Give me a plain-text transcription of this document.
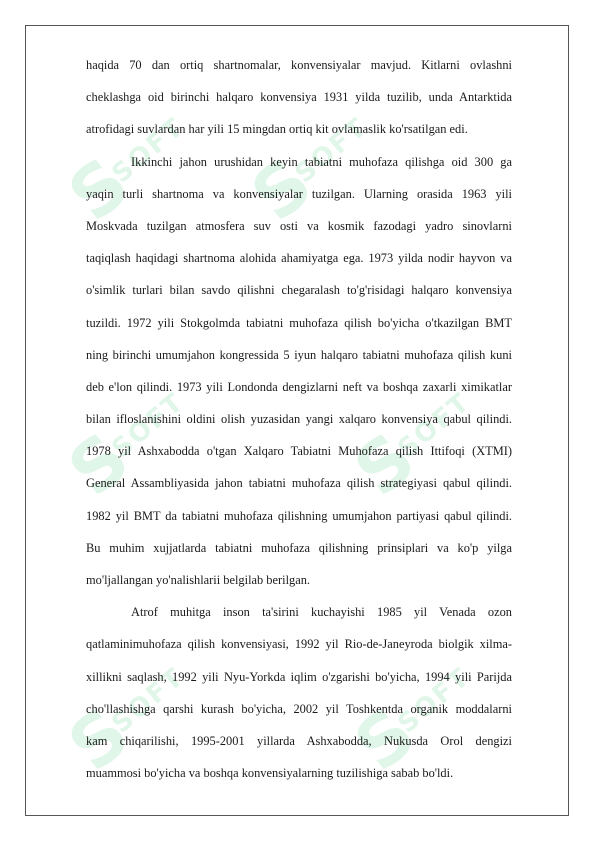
S
SOFT S
SOFT
S
SOFT S
SOFT
S
SOFT S
SOFT
haqida 70 dan ortiq shartnomalar, konvensiyalar mavjud. Kitlarni ovlashni
cheklashga oid birinchi halqaro konvensiya 1931 yilda tuzilib, unda Antarktida
atrofidagi suvlardan har yili 15 mingdan ortiq kit ovlamaslik ko'rsatilgan edi.
Ikkinchi jahon urushidan keyin tabiatni muhofaza qilishga oid 300 ga
yaqin turli shartnoma va konvensiyalar tuzilgan. Ularning orasida 1963 yili
Moskvada tuzilgan atmosfera suv osti va kosmik fazodagi yadro sinovlarni
taqiqlash haqidagi shartnoma alohida ahamiyatga ega. 1973 yilda nodir hayvon va
o'simlik turlari bilan savdo qilishni chegaralash to'g'risidagi halqaro konvensiya
tuzildi. 1972 yili Stokgolmda tabiatni muhofaza qilish bo'yicha o'tkazilgan BMT
ning birinchi umumjahon kongressida 5 iyun halqaro tabiatni muhofaza qilish kuni
deb e'lon qilindi. 1973 yili Londonda dengizlarni neft va boshqa zaxarli ximikatlar
bilan ifloslanishini oldini olish yuzasidan yangi xalqaro konvensiya qabul qilindi.
1978 yil Ashxabodda o'tgan Xalqaro Tabiatni Muhofaza qilish Ittifoqi (XTMI)
General Assambliyasida jahon tabiatni muhofaza qilish strategiyasi qabul qilindi.
1982 yil BMT da tabiatni muhofaza qilishning umumjahon partiyasi qabul qilindi.
Bu muhim xujjatlarda tabiatni muhofaza qilishning prinsiplari va ko'p yilga
mo'ljallangan yo'nalishlarii belgilab berilgan.
Atrof muhitga inson ta'sirini kuchayishi 1985 yil Venada ozon
qatlaminimuhofaza qilish konvensiyasi, 1992 yil Rio-de-Janeyroda biolgik xilma-
xillikni saqlash, 1992 yili Nyu-Yorkda iqlim o'zgarishi bo'yicha, 1994 yili Parijda
cho'llashishga qarshi kurash bo'yicha, 2002 yil Toshkentda organik moddalarni
kam chiqarilishi, 1995-2001 yillarda Ashxabodda, Nukusda Orol dengizi
muammosi bo'yicha va boshqa konvensiyalarning tuzilishiga sabab bo'ldi.
